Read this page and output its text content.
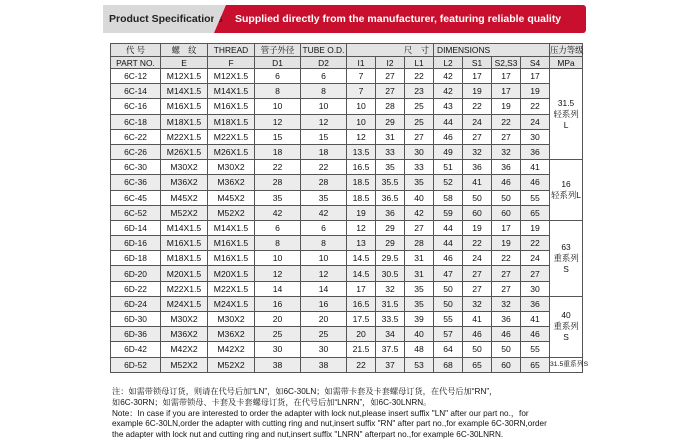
Product Specifications Supplied directly from the manufacturer, featuring reliable quality
代 号	螺　纹	THREAD	管子外径	TUBE O.D.	尺　寸			DIMENSIONS				压力等级
PART NO.	E	F	D1	D2	I1	I2	L1	L2	S1	S2,S3	S4	MPa
6C-12	M12X1.5	M12X1.5	6	6	7	27	22	42	17	17	17	31.5
轻系列
L

6C-14	M14X1.5	M14X1.5	8	8	7	27	23	42	19	17	19	
6C-16	M16X1.5	M16X1.5	10	10	10	28	25	43	22	19	22	
6C-18	M18X1.5	M18X1.5	12	12	10	29	25	44	24	22	24	
6C-22	M22X1.5	M22X1.5	15	15	12	31	27	46	27	27	30	
6C-26	M26X1.5	M26X1.5	18	18	13.5	33	30	49	32	32	36	
6C-30	M30X2	M30X2	22	22	16.5	35	33	51	36	36	41	16
轻系列L

6C-36	M36X2	M36X2	28	28	18.5	35.5	35	52	41	46	46	
6C-45	M45X2	M45X2	35	35	18.5	36.5	40	58	50	50	55	
6C-52	M52X2	M52X2	42	42	19	36	42	59	60	60	65	
6D-14	M14X1.5	M14X1.5	6	6	12	29	27	44	19	17	19	63
重系列
S

6D-16	M16X1.5	M16X1.5	8	8	13	29	28	44	22	19	22	
6D-18	M18X1.5	M16X1.5	10	10	14.5	29.5	31	46	24	22	24	
6D-20	M20X1.5	M20X1.5	12	12	14.5	30.5	31	47	27	27	27	
6D-22	M22X1.5	M22X1.5	14	14	17	32	35	50	27	27	30	
6D-24	M24X1.5	M24X1.5	16	16	16.5	31.5	35	50	32	32	36	40
重系列
S

6D-30	M30X2	M30X2	20	20	17.5	33.5	39	55	41	36	41	
6D-36	M36X2	M36X2	25	25	20	34	40	57	46	46	46	
6D-42	M42X2	M42X2	30	30	21.5	37.5	48	64	50	50	55	
6D-52	M52X2	M52X2	38	38	22	37	53	68	65	60	65	31.5重系列S
注：如需带锁母订货，则请在代号后加“LN”，如6C-30LN；如需带卡套及卡套螺母订货，在代号后加“RN”，
如6C-30RN；如需带锁母、卡套及卡套螺母订货，在代号后加“LNRN”，如6C-30LNRN。
Note：In case if you are interested to order the adapter with lock nut,please insert suffix "LN" after our part no.，for
example 6C-30LN,order the adapter with cutting ring and nut,insert suffix "RN" after part no.,for example 6C-30RN,order
the adapter with lock nut and cutting ring and nut,insert suffix "LNRN" afterpart no.,for example 6C-30LNRN.
